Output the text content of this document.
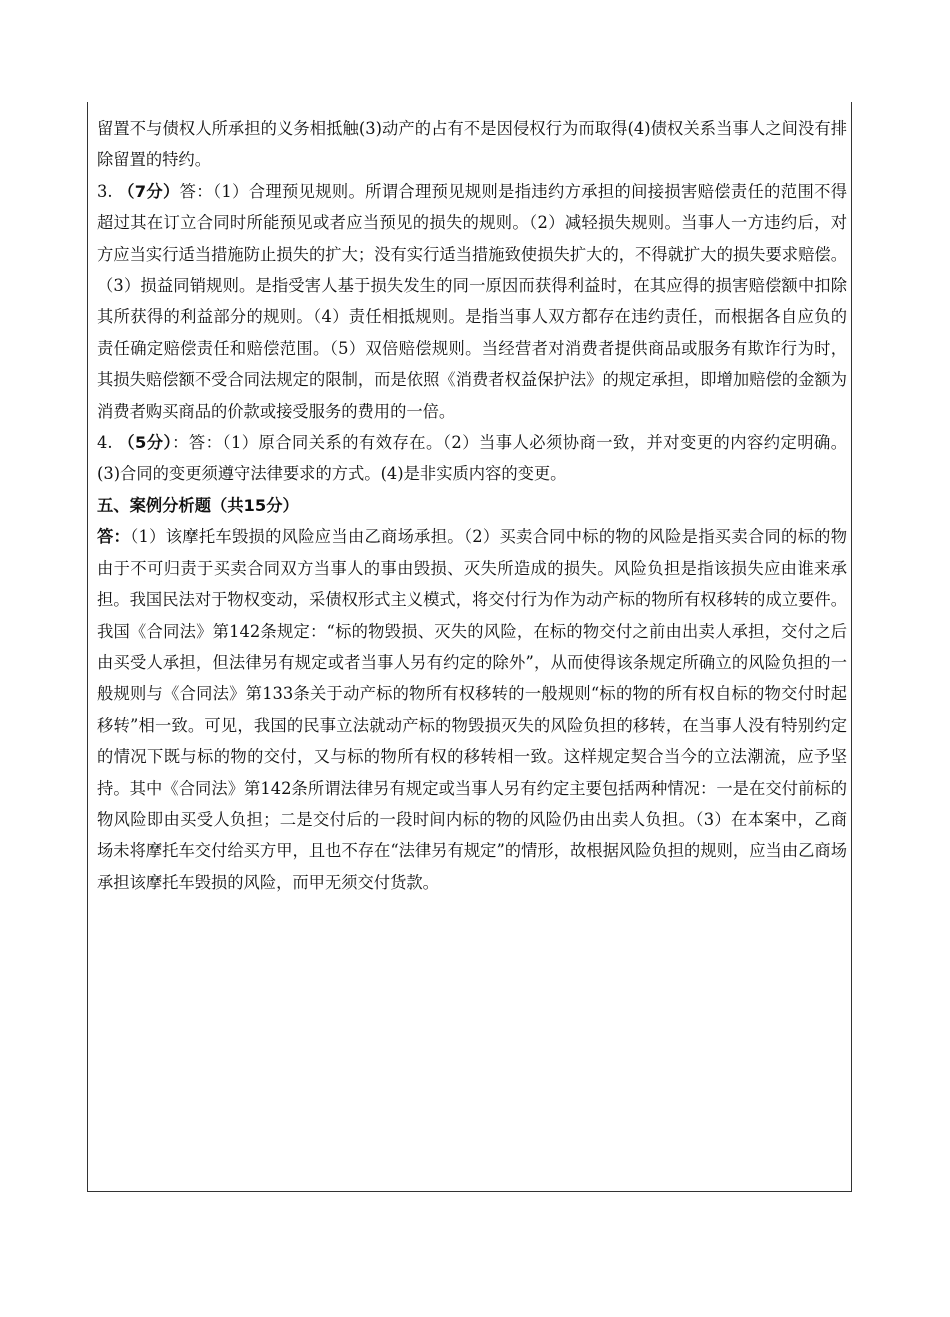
留置不与债权人所承担的义务相抵触(3)动产的占有不是因侵权行为而取得(4)债权关系当事人之间没有排除留置的特约。

3. （7分）答：（1）合理预见规则。所谓合理预见规则是指违约方承担的间接损害赔偿责任的范围不得超过其在订立合同时所能预见或者应当预见的损失的规则。（2）减轻损失规则。当事人一方违约后，对方应当实行适当措施防止损失的扩大；没有实行适当措施致使损失扩大的，不得就扩大的损失要求赔偿。（3）损益同销规则。是指受害人基于损失发生的同一原因而获得利益时，在其应得的损害赔偿额中扣除其所获得的利益部分的规则。（4）责任相抵规则。是指当事人双方都存在违约责任，而根据各自应负的责任确定赔偿责任和赔偿范围。（5）双倍赔偿规则。当经营者对消费者提供商品或服务有欺诈行为时，其损失赔偿额不受合同法规定的限制，而是依照《消费者权益保护法》的规定承担，即增加赔偿的金额为消费者购买商品的价款或接受服务的费用的一倍。

4. （5分）：答：（1）原合同关系的有效存在。（2）当事人必须协商一致，并对变更的内容约定明确。(3)合同的变更须遵守法律要求的方式。(4)是非实质内容的变更。

五、案例分析题（共15分）

答：（1）该摩托车毁损的风险应当由乙商场承担。（2）买卖合同中标的物的风险是指买卖合同的标的物由于不可归责于买卖合同双方当事人的事由毁损、灭失所造成的损失。风险负担是指该损失应由谁来承担。我国民法对于物权变动，采债权形式主义模式，将交付行为作为动产标的物所有权移转的成立要件。我国《合同法》第142条规定：“标的物毁损、灭失的风险，在标的物交付之前由出卖人承担，交付之后由买受人承担，但法律另有规定或者当事人另有约定的除外”，从而使得该条规定所确立的风险负担的一般规则与《合同法》第133条关于动产标的物所有权移转的一般规则“标的物的所有权自标的物交付时起移转”相一致。可见，我国的民事立法就动产标的物毁损灭失的风险负担的移转，在当事人没有特别约定的情况下既与标的物的交付，又与标的物所有权的移转相一致。这样规定契合当今的立法潮流，应予坚持。其中《合同法》第142条所谓法律另有规定或当事人另有约定主要包括两种情况：一是在交付前标的物风险即由买受人负担；二是交付后的一段时间内标的物的风险仍由出卖人负担。（3）在本案中，乙商场未将摩托车交付给买方甲，且也不存在“法律另有规定”的情形，故根据风险负担的规则，应当由乙商场承担该摩托车毁损的风险，而甲无须交付货款。
